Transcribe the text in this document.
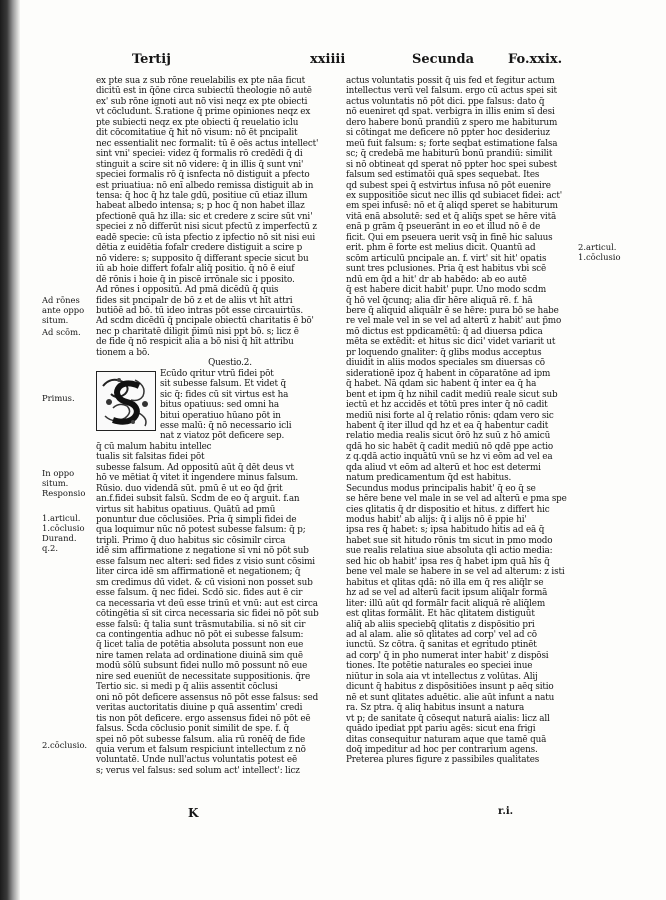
Tertij	xxiiii	Secunda	Fo.xxix.
Ad rōnes
ante oppo
situm.
Ad scōm.
Primus.
In oppo
situm.
Responsio
1.articul.
1.cōclusio
Durand.
q.2.
2.cōclusio.
2.articul.
1.cōclusio
ex pte sua z sub rōne reuelabilis ex pte nāa ficut
dicitū est in q̄ōne circa subiectū theologie nō autē
ex' sub rōne ignoti aut nō visi neqz ex pte obiecti
vt cōcludunt. S.ratione q̄ prime opiniones neqz ex
pte subiecti neqz ex pte obiecti q̄ reuelatio iclu
dit cōcomitatiue q̄ ħit nō visum: nō ēt pncipalit
nec essentialit nec formalit: tū ē oēs actus intellect'
sint vni' speciei: videz q̄ formalis rō credēdi q̄ di
stinguit a scire sit nō videre: q̄ in illis q̄ sunt vni'
speciei formalis rō q̄ isnfecta nō distiguit a pfecto
est priuatiua: nō enī albedo remissa distiguit ab in
tensa: q̄ hoc q̄ hz tale gdū, positiue cū etiaz illum
habeat albedo intensa; s; p hoc q̄ non habet illaz
pfectionē quā hz illa: sic et credere z scire sūt vni'
speciei z nō differūt nisi sicut pfectū z imperfectū z
eadē specie: cū ista pfectio z ipfectio nō sit nisi eui
dētia z euidētia fofalr credere distiguit a scire p
nō videre: s; supposito q̄ differant specie sicut bu
iū ab hoie differt fofalr aliq̄ positio. q̄ nō ē eiuf
dē rōnis i hoie q̄ in piscē irrōnale sic i pposito.
Ad rōnes i oppositū. Ad pmā dicēdū q̄ quis
fides sit pncipalr de bō z et de aliis vt hīt attri
butiōē ad bō. tū ideo intras pōt esse circauirtūs.
Ad scdm dicēdū q̄ pncipale obiectū charitatis ē bō'
nec p charitatē diligit p̄imū nisi ppt bō. s; licz ē
de fide q̄ nō respicit alia a bō nisi q̄ hīt attribu
tionem a bō.
Questio.2.
Ecūdo qritur vtrū fidei pōt
sit subesse falsum. Et videt q̄
sic q̄: fides cū sit virtus est ha
bitus opatiuus: sed omni ha
bitui operatiuo hūano pōt in
esse malū: q̄ nō necessario icli
nat z viatoz pōt deficere sep.
q̄ cū malum habitu intellec
tualis sit falsitas fidei pōt
subesse falsum. Ad oppositū aūt q̄ dēt deus vt
hō ve mētiat q̄ vitet it ingendere minus falsum.
Rūsio. duo videndā sūt. pmū ē ut eo q̄d ḡrit
an.f.fidei subsit falsū. Scdm de eo q̄ arguit. f.an
virtus sit habitus opatiuus. Quātū ad pmū
ponuntur due cōclusiōes. Pria q̄ simpli fidei de
qua loquimur nūc nō potest subesse falsum: q̄ p;
tripli. Primo q̄ duo habitus sic cōsimilr circa
idē sim affirmatione z negatione sī vni nō pōt sub
esse falsum nec alteri: sed fides z visio sunt cōsimi
liter circa idē sm affirmationē et negationem; q̄
sm credimus dū videt. & cū visioni non posset sub
esse falsum. q̄ nec fidei. Scdō sic. fides aut ē cir
ca necessaria vt deū esse trinū et vnū: aut est circa
cōtingētia sī sit circa necessaria sic fidei nō pōt sub
esse falsū: q̄ talia sunt trāsmutabilia. si nō sit cir
ca contingentia adhuc nō pōt ei subesse falsum:
q̄ licet talia de potētia absoluta possunt non eue
nire tamen relata ad ordinatione diuinā sim quē
modū sōlū subsunt fidei nullo mō possunt nō eue
nire sed eueniūt de necessitate suppositionis. q̄re
Tertio sic. si medi p q̄ aliis assentit cōclusi
oni nō pōt deficere assensus nō pōt esse falsus: sed
veritas auctoritatis diuine p quā assentim' credi
tis non pōt deficere. ergo assensus fidei nō pōt eē
falsus. Scda cōclusio ponit similit de spe. f. q̄
spei nō pōt subesse falsum. alia rū ronēq̄ de fide
quia verum et falsum respiciunt intellectum z nō
voluntatē. Unde null'actus voluntatis potest eē
s; verus vel falsus: sed solum act' intellect': licz
actus voluntatis possit q̄ uis fed et fegitur actum
intellectus verū vel falsum. ergo cū actus spei sit
actus voluntatis nō pōt dici. ppe falsus: dato q̄
nō eueniret qd spat. verbigra in illis enim sī desi
dero habere bonū prandiū z spero me habiturum
si cōtingat me deficere nō ppter hoc desideriuz
meū fuit falsum: s; forte seqbat estimatione falsa
sc; q̄ credebā me habiturū bonū prandiū: similit
si nō obtineat qd sperat nō ppter hoc spei subest
falsum sed estimatōi quā spes sequebat. Ites
qd subest spei q̄ estvirtus infusa nō pōt euenire
ex suppositiōe sicut nec illis qd subiacet fidei: act'
em spei infusē: nō et q̄ aliqd speret se habiturum
vitā enā absolutē: sed et q̄ aliq̄s spet se hēre vitā
enā p grām q̄ pseuerānt in eo et illud nō ē de
ficit. Qui em pseuera uerit vsq̄ in finē hic saluus
erit. phm ē forte est melius dicit. Quantū ad
scōm articulū pncipale an. f. virt' sit hit' opatis
sunt tres pclusiones. Pria q̄ est habitus vbi scē
ndū em q̄d a hit' dr ab habēdo: ab eo autē
q̄ est habere dicit habit' pupr. Uno modo scdm
q̄ hō vel q̄cunq; alia dīr hēre aliquā rē. f. hā
bere q̄ aliquid aliquālr ē se hēre: pura bō se habe
re vel male vel in se vel ad alterū z habit' aut p̄mo
mō dictus est ppdicamētū: q̄ ad diuersa pdica
mēta se extēdit: et hitus sic dici' videt variarit ut
pr loquendo gnaliter: q̄ glibs modus acceptus
diuidit in aliis modos speciales sm diuersas cō
siderationē ipoz q̄ habent in cōparatōne ad ipm
q̄ habet. Nā qdam sic habent q̄ inter ea q̄ ha
bent et ipm q̄ hz nihil cadit mediū reale sicut sub
iectū et hz accidēs et tōtū pres inter q̄ nō cadit
mediū nisi forte al q̄ relatio rōnis: qdam vero sic
habent q̄ iter illud qd hz et ea q̄ habentur cadit
relatio media realis sicut ōrō hz suū z hō amicū
qdā ho sic habēt q̄ cadit mediū nō qdē ppe actio
z q.qdā actio inquātū vnū se hz vi eōm ad vel ea
qd̄a aliud vt eōm ad alterū et hoc est determi
natum predicamentum q̄d est habitus.
Secundus modus principalis habit' q̄ eo q̄ se
se hēre bene vel male in se vel ad alterū e pma spe
cies qlitatis q̄ dr dispositio et hitus. z differt hic
modus habit' ab alijs: q̄ i alijs nō ē ppie hi'
ipsa res q̄ habet: s; ipsa habitudo hitis ad eā q̄
habet sue sit hitudo rōnis tm sicut in pmo modo
sue realis relatiua siue absoluta qli actio media:
sed hic ob habit' ipsa res q̄ habet ipm quā hīs q̄
bene vel male se habere in se vel ad alterum: z isti
habitus et qlitas qdā: nō illa em q̄ res aliq̄lr se
hz ad se vel ad alterū facit ipsum aliq̄alr formā
liter: illū aūt qd formālr facit aliquā rē aliq̄lem
est qlitas formālit. Et hāc qlitatem distiguūt
aliq̄ ab aliis speciebq̄ qlitatis z dispōsitio pri
ad al alam. alie sō qlitates ad corp' vel ad cō
iunctū. Sz cōtra. q̄ sanitas et egritudo ptinēt
ad corp' q̄ in pho numerat inter habit' z dispōsi
tiones. Ite potētie naturales eo speciei inue
niūtur in sola aia vt intellectus z volūtas. Alij
dicunt q̄ habitus z dispōsitiōes insunt p aēq sitio
nē et sunt qlitates aduētic. alie aūt infunt a natu
ra. Sz ptra. q̄ aliq habitus insunt a natura
vt p; de sanitate q̄ cōsequt naturā aialis: licz all
quādo ipediat ppt pariu agēs: sicut ena frigi
ditas consequitur naturam aque que tamē quā
doq̄ impeditur ad hoc per contrarium agens.
Preterea plures figure z passibiles qualitates
K	r.i.
